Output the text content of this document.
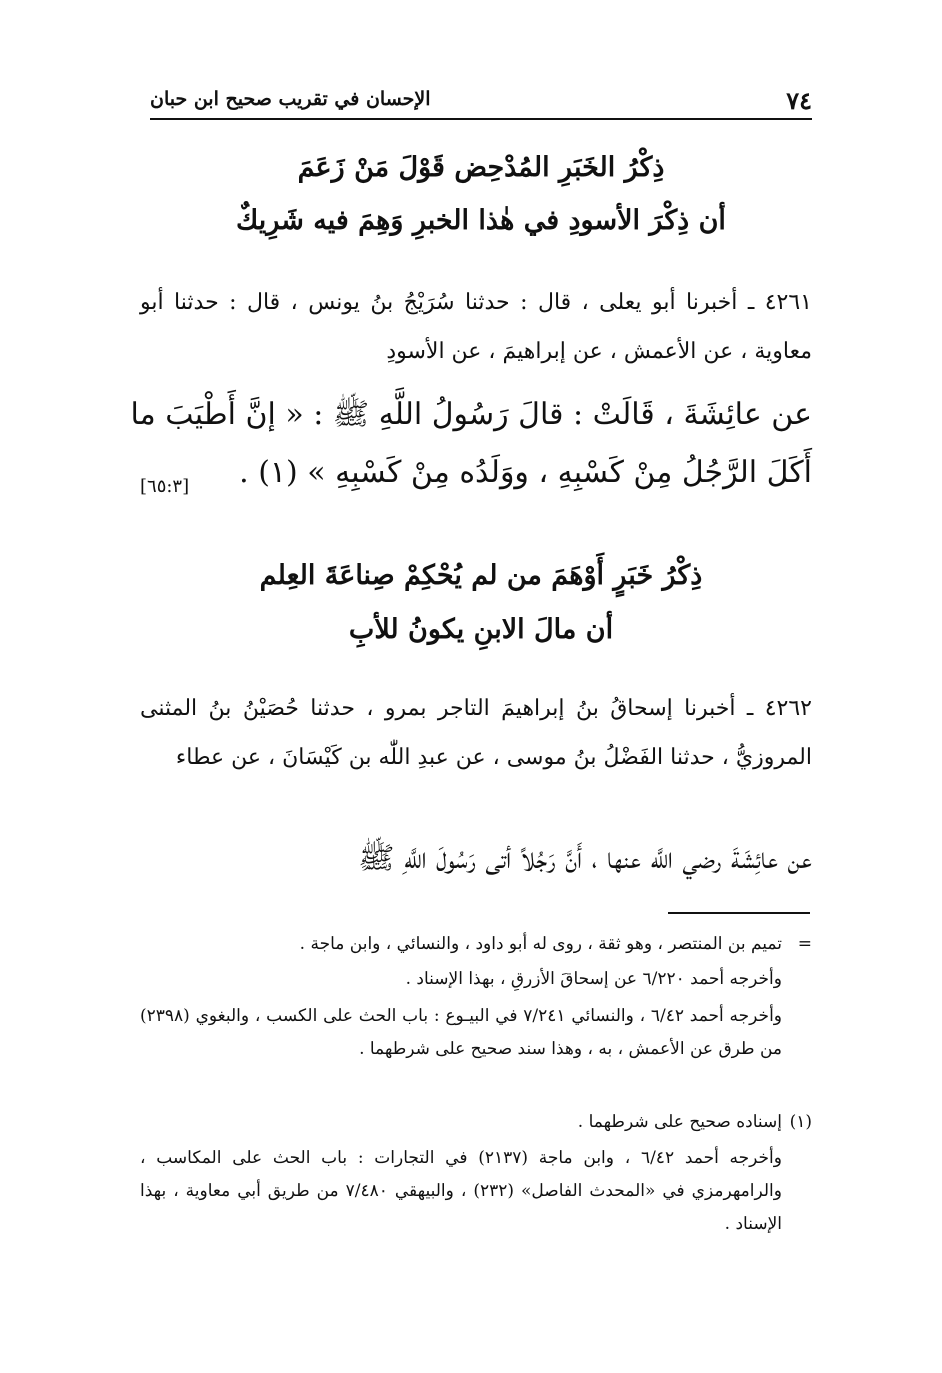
٧٤
الإحسان في تقريب صحيح ابن حبان
ذِكْرُ الخَبَرِ المُدْحِض قَوْلَ مَنْ زَعَمَ
أن ذِكْرَ الأسودِ في هٰذا الخبرِ وَهِمَ فيه شَرِيكٌ
٤٢٦١ ـ أخبرنا أبو يعلى ، قال : حدثنا سُرَيْجُ بنُ يونس ، قال : حدثنا أبو معاوية ، عن الأعمش ، عن إبراهيمَ ، عن الأسودِ
عن عائِشَةَ ، قَالَتْ : قالَ رَسُولُ اللَّهِ ﷺ : « إنَّ أَطْيَبَ ما
أَكَلَ الرَّجُلُ مِنْ كَسْبِهِ ، ووَلَدُه مِنْ كَسْبِهِ » (١) .
[٦٥:٣]
ذِكْرُ خَبَرٍ أَوْهَمَ من لم يُحْكِمْ صِناعَةَ العِلم
أن مالَ الابنِ يكونُ للأبِ
٤٢٦٢ ـ أخبرنا إسحاقُ بنُ إبراهيمَ التاجر بمرو ، حدثنا حُصَيْنُ بنُ المثنى المروزيُّ ، حدثنا الفَضْلُ بنُ موسى ، عن عبدِ اللّٰه بن كَيْسَانَ ، عن عطاء
عن عائِشَةَ رضي اللَّه عنها ، أَنَّ رَجُلاً أتى رَسُولَ اللَّهِ ﷺ
=
تميم بن المنتصر ، وهو ثقة ، روى له أبو داود ، والنسائي ، وابن ماجة .
وأخرجه أحمد ٦/٢٢٠ عن إسحاقَ الأزرقِ ، بهذا الإسناد .
وأخرجه أحمد ٦/٤٢ ، والنسائي ٧/٢٤١ في البيـوع : باب الحث على الكسب ، والبغوي (٢٣٩٨) من طرق عن الأعمش ، به ، وهذا سند صحيح على شرطهما .
(١)
إسناده صحيح على شرطهما .
وأخرجه أحمد ٦/٤٢ ، وابن ماجة (٢١٣٧) في التجارات : باب الحث على المكاسب ، والرامهرمزي في «المحدث الفاصل» (٢٣٢) ، والبيهقي ٧/٤٨٠ من طريق أبي معاوية ، بهذا الإسناد .
